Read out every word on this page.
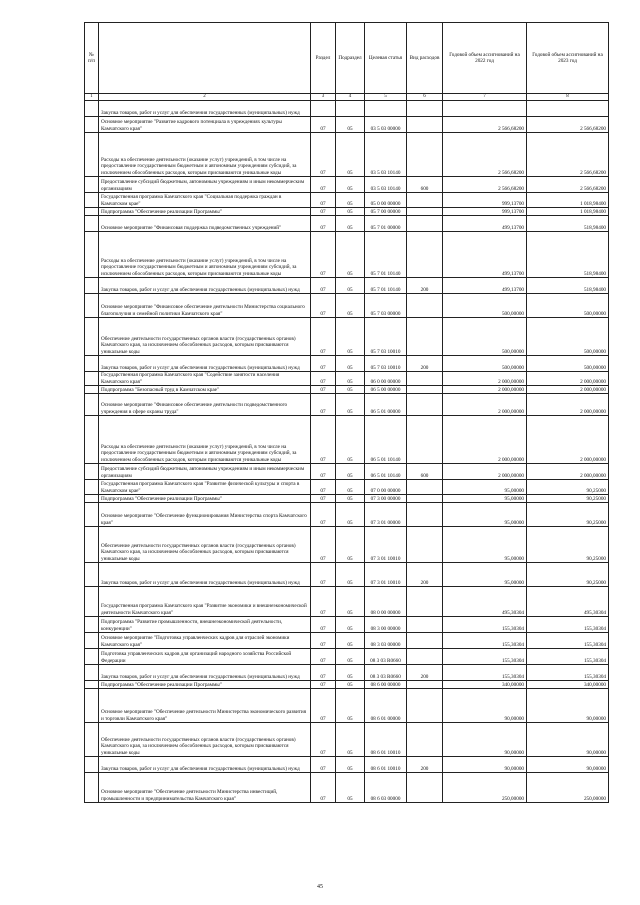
№ п/п		Раздел	Подраздел	Целевая статья	Вид расходов	Годовой объем ассигнований на 2022 год	Годовой объем ассигнований на 2023 год
1	2	3	4	5	6	7	8
	Закупка товаров, работ и услуг для обеспечения государственных (муниципальных) нужд						
	Основное мероприятие "Развитие кадрового потенциала в учреждениях культуры Камчатского края"	07	05	03 5 03 00000		2 566,68200	2 566,68200
	Расходы на обеспечение деятельности (оказание услуг) учреждений, в том числе на предоставление государственным бюджетным и автономным учреждениям субсидий, за исключением обособленных расходов, которым присваиваются уникальные коды	07	05	03 5 03 10140		2 566,68200	2 566,68200
	Предоставление субсидий бюджетным, автономным учреждениям и иным некоммерческим организациям	07	05	03 5 03 10140	600	2 566,68200	2 566,68200
	Государственная программа Камчатского края "Социальная поддержка граждан в Камчатском крае"	07	05	05 0 00 00000		999,13700	1 018,98400
	Подпрограмма "Обеспечение реализации Программы"	07	05	05 7 00 00000		999,13700	1 018,98400
	Основное мероприятие "Финансовая поддержка подведомственных учреждений"	07	05	05 7 01 00000		499,13700	518,98400
	Расходы на обеспечение деятельности (оказание услуг) учреждений, в том числе на предоставление государственным бюджетным и автономным учреждениям субсидий, за исключением обособленных расходов, которым присваиваются уникальные коды	07	05	05 7 01 10140		499,13700	518,98400
	Закупка товаров, работ и услуг для обеспечения государственных (муниципальных) нужд	07	05	05 7 01 10140	200	499,13700	518,98400
	Основное мероприятие "Финансовое обеспечение деятельности Министерства социального благополучия и семейной политики Камчатского края"	07	05	05 7 03 00000		500,00000	500,00000
	Обеспечение деятельности государственных органов власти (государственных органов) Камчатского края, за исключением обособленных расходов, которым присваиваются уникальные коды	07	05	05 7 03 10010		500,00000	500,00000
	Закупка товаров, работ и услуг для обеспечения государственных (муниципальных) нужд	07	05	05 7 03 10010	200	500,00000	500,00000
	Государственная программа Камчатского края "Содействие занятости населения Камчатского края"	07	05	06 0 00 00000		2 000,00000	2 000,00000
	Подпрограмма "Безопасный труд в Камчатском крае"	07	05	06 5 00 00000		2 000,00000	2 000,00000
	Основное мероприятие "Финансовое обеспечение деятельности подведомственного учреждения в сфере охраны труда"	07	05	06 5 01 00000		2 000,00000	2 000,00000
	Расходы на обеспечение деятельности (оказание услуг) учреждений, в том числе на предоставление государственным бюджетным и автономным учреждениям субсидий, за исключением обособленных расходов, которым присваиваются уникальные коды	07	05	06 5 01 10140		2 000,00000	2 000,00000
	Предоставление субсидий бюджетным, автономным учреждениям и иным некоммерческим организациям	07	05	06 5 01 10140	600	2 000,00000	2 000,00000
	Государственная программа Камчатского края "Развитие физической культуры и спорта в Камчатском крае"	07	05	07 0 00 00000		95,00000	90,25000
	Подпрограмма "Обеспечение реализации Программы"	07	05	07 3 00 00000		95,00000	90,25000
	Основное мероприятие "Обеспечение функционирования Министерства спорта Камчатского края"	07	05	07 3 01 00000		95,00000	90,25000
	Обеспечение деятельности государственных органов власти (государственных органов) Камчатского края, за исключением обособленных расходов, которым присваиваются уникальные коды	07	05	07 3 01 10010		95,00000	90,25000
	Закупка товаров, работ и услуг для обеспечения государственных (муниципальных) нужд	07	05	07 3 01 10010	200	95,00000	90,25000
	Государственная программа Камчатского края "Развитие экономики и внешнеэкономической деятельности Камчатского края"	07	05	08 0 00 00000		495,30304	495,30304
	Подпрограмма "Развитие промышленности, внешнеэкономической деятельности, конкуренции"	07	05	08 3 00 00000		155,30304	155,30304
	Основное мероприятие "Подготовка управленческих кадров для отраслей экономики Камчатского края"	07	05	08 3 03 00000		155,30304	155,30304
	Подготовка управленческих кадров для организаций народного хозяйства Российской Федерации	07	05	08 3 03 R0660		155,30304	155,30304
	Закупка товаров, работ и услуг для обеспечения государственных (муниципальных) нужд	07	05	08 3 03 R0660	200	155,30304	155,30304
	Подпрограмма "Обеспечение реализации Программы"	07	05	08 6 00 00000		340,00000	340,00000
	Основное мероприятие "Обеспечение деятельности Министерства экономического развития и торговли Камчатского края"	07	05	08 6 01 00000		90,00000	90,00000
	Обеспечение деятельности государственных органов власти (государственных органов) Камчатского края, за исключением обособленных расходов, которым присваиваются уникальные коды	07	05	08 6 01 10010		90,00000	90,00000
	Закупка товаров, работ и услуг для обеспечения государственных (муниципальных) нужд	07	05	08 6 01 10010	200	90,00000	90,00000
	Основное мероприятие "Обеспечение деятельности Министерства инвестиций, промышленности и предпринимательства Камчатского края"	07	05	08 6 03 00000		250,00000	250,00000
45
